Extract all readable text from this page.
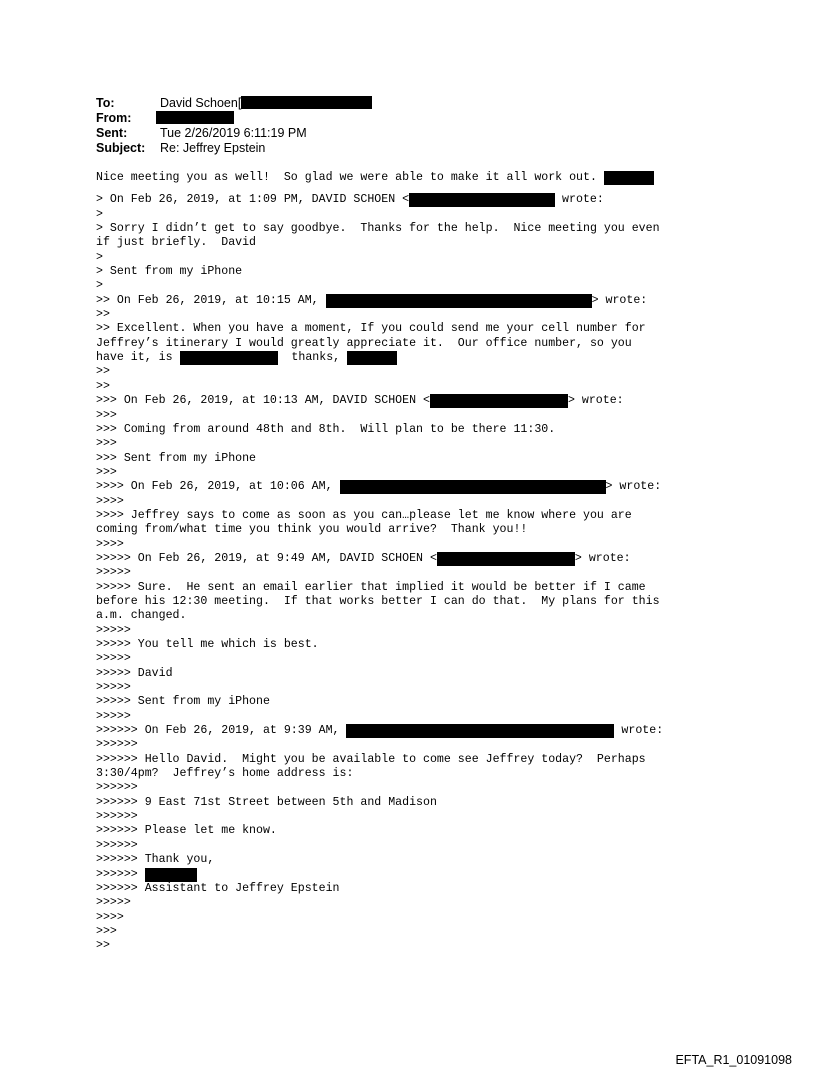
To:	David Schoen[
From:
Sent:	Tue 2/26/2019 6:11:19 PM
Subject:	Re: Jeffrey Epstein
Nice meeting you as well!  So glad we were able to make it all work out.
> On Feb 26, 2019, at 1:09 PM, DAVID SCHOEN <	wrote:
>
> Sorry I didn’t get to say goodbye.  Thanks for the help.  Nice meeting you even
if just briefly.  David
>
> Sent from my iPhone
>
>> On Feb 26, 2019, at 10:15 AM,	> wrote:
>>
>> Excellent. When you have a moment, If you could send me your cell number for
Jeffrey’s itinerary I would greatly appreciate it.  Our office number, so you
have it, is	thanks,
>>
>>
>>> On Feb 26, 2019, at 10:13 AM, DAVID SCHOEN <	> wrote:
>>>
>>> Coming from around 48th and 8th.  Will plan to be there 11:30.
>>>
>>> Sent from my iPhone
>>>
>>>> On Feb 26, 2019, at 10:06 AM,	> wrote:
>>>>
>>>> Jeffrey says to come as soon as you can…please let me know where you are
coming from/what time you think you would arrive?  Thank you!!
>>>>
>>>>> On Feb 26, 2019, at 9:49 AM, DAVID SCHOEN <	> wrote:
>>>>>
>>>>> Sure.  He sent an email earlier that implied it would be better if I came
before his 12:30 meeting.  If that works better I can do that.  My plans for this
a.m. changed.
>>>>>
>>>>> You tell me which is best.
>>>>>
>>>>> David
>>>>>
>>>>> Sent from my iPhone
>>>>>
>>>>>> On Feb 26, 2019, at 9:39 AM,	wrote:
>>>>>>
>>>>>> Hello David.  Might you be available to come see Jeffrey today?  Perhaps
3:30/4pm?  Jeffrey’s home address is:
>>>>>>
>>>>>> 9 East 71st Street between 5th and Madison
>>>>>>
>>>>>> Please let me know.
>>>>>>
>>>>>> Thank you,
>>>>>>
>>>>>> Assistant to Jeffrey Epstein
>>>>>
>>>>
>>>
>>
EFTA_R1_01091098
